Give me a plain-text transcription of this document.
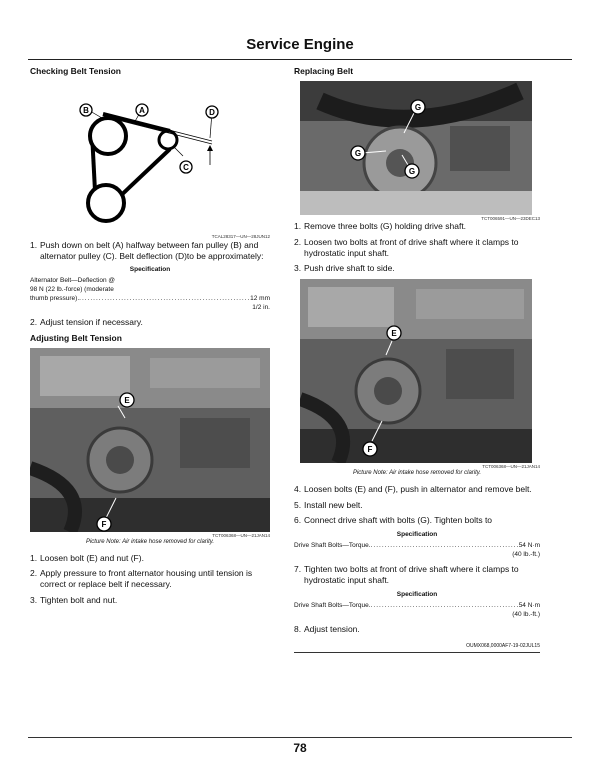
Service Engine
Checking Belt Tension
B	A	D
C
TCAL28317—UN—28JUN12
1. Push down on belt (A) halfway between fan pulley (B) and alternator pulley (C). Belt deflection (D)to be approximately:
Specification
Alternator Belt—Deflection @
98 N (22 lb.-force) (moderate
thumb pressure). .....	12 mm
1/2 in.
2. Adjust tension if necessary.
Adjusting Belt Tension
E
F
TCT006368—UN—21JAN14
Picture Note: Air intake hose removed for clarity.
1. Loosen bolt (E) and nut (F).
2. Apply pressure to front alternator housing until tension is correct or replace belt if necessary.
3. Tighten bolt and nut.
Replacing Belt
G
G
G
TCT006591—UN—23DEC13
1. Remove three bolts (G) holding drive shaft.
2. Loosen two bolts at front of drive shaft where it clamps to hydrostatic input shaft.
3. Push drive shaft to side.
E
F
TCT006368—UN—21JAN14
Picture Note: Air intake hose removed for clarity.
4. Loosen bolts (E) and (F), push in alternator and remove belt.
5. Install new belt.
6. Connect drive shaft with bolts (G). Tighten bolts to
Specification
Drive Shaft Bolts—Torque. .....	54 N·m
(40 lb.-ft.)
7. Tighten two bolts at front of drive shaft where it clamps to hydrostatic input shaft.
Specification
Drive Shaft Bolts—Torque. .....	54 N·m
(40 lb.-ft.)
8. Adjust tension.
OUMX068,0000AF7-19-02JUL15
78
